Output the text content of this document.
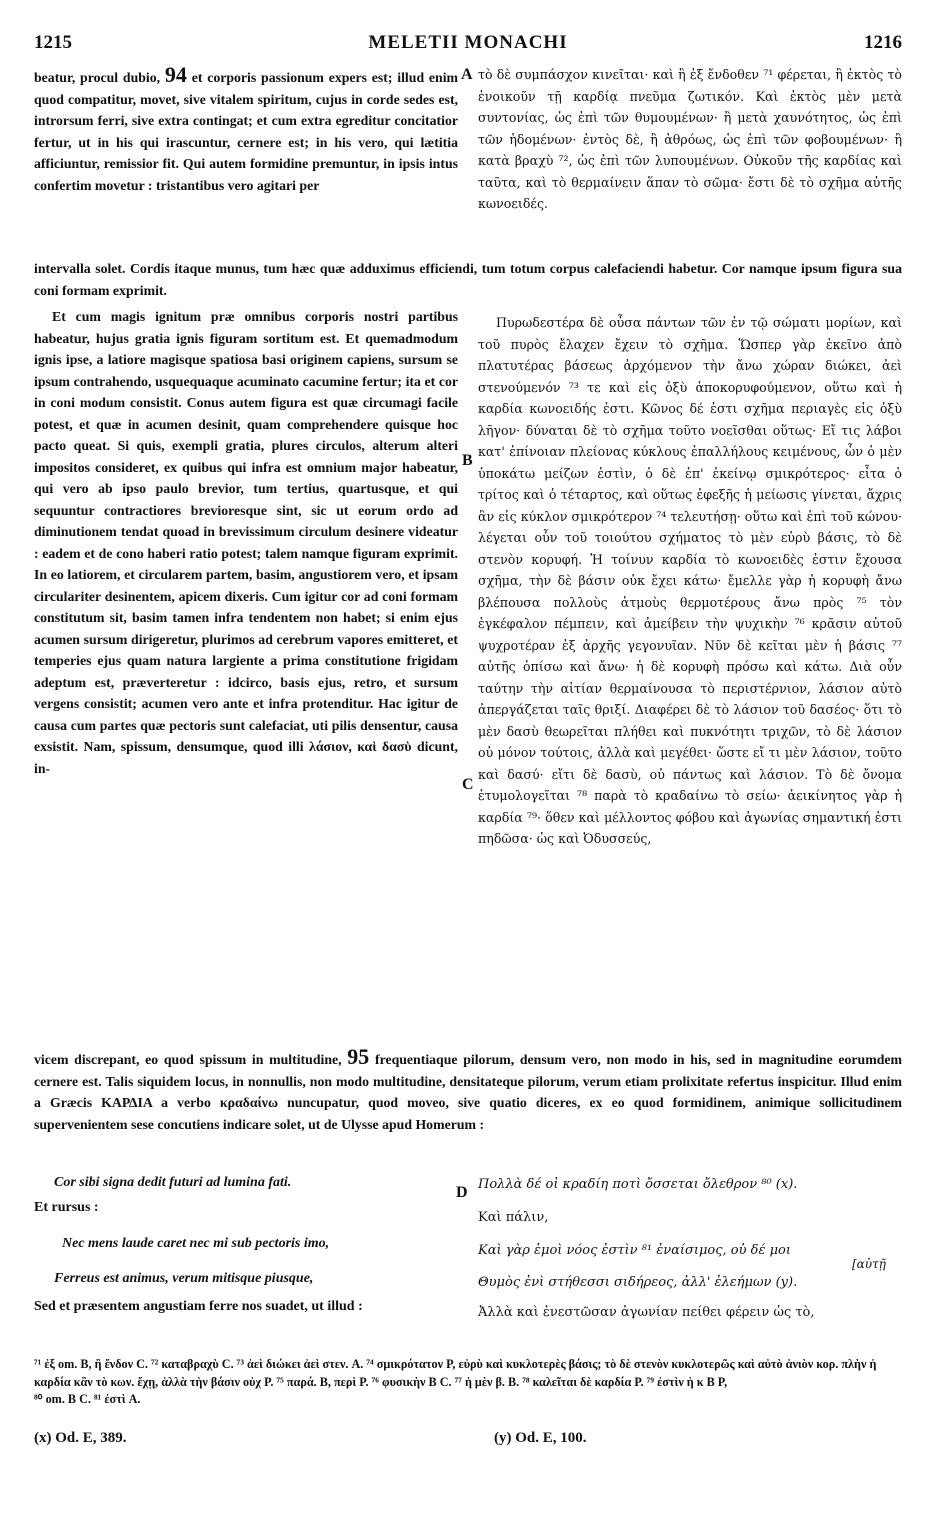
1215	MELETII MONACHI	1216

beatur, procul dubio, 94 et corporis passionum expers est; illud enim quod compatitur, movet, sive vitalem spiritum, cujus in corde sedes est, introrsum ferri, sive extra contingat; et cum extra egreditur concitatior fertur, ut in his qui irascuntur, cernere est; in his vero, qui lætitia afficiuntur, remissior fit. Qui autem formidine premuntur, in ipsis intus confertim movetur : tristantibus vero agitari per

A τὸ δὲ συμπάσχον κινεῖται· καὶ ἢ ἐξ ἔνδοθεν ⁷¹ φέρεται, ἢ ἐκτὸς τὸ ἐνοικοῦν τῇ καρδίᾳ πνεῦμα ζωτικόν. Καὶ ἐκτὸς μὲν μετὰ συντονίας, ὡς ἐπὶ τῶν θυμουμένων· ἢ μετὰ χαυνότητος, ὡς ἐπὶ τῶν ἡδομένων· ἐντὸς δὲ, ἢ ἀθρόως, ὡς ἐπὶ τῶν φοβουμένων· ἢ κατὰ βραχὺ ⁷², ὡς ἐπὶ τῶν λυπουμένων. Οὐκοῦν τῆς καρδίας καὶ ταῦτα, καὶ τὸ θερμαίνειν ἅπαν τὸ σῶμα· ἔστι δὲ τὸ σχῆμα αὐτῆς κωνοειδές.

intervalla solet. Cordis itaque munus, tum hæc quæ adduximus efficiendi, tum totum corpus calefaciendi habetur. Cor namque ipsum figura sua coni formam exprimit.

Et cum magis ignitum præ omnibus corporis nostri partibus habeatur, hujus gratia ignis figuram sortitum est. Et quemadmodum ignis ipse, a latiore magisque spatiosa basi originem capiens, sursum se ipsum contrahendo, usquequaque acuminato cacumine fertur; ita et cor in coni modum consistit. Conus autem figura est quæ circumagi facile potest, et quæ in acumen desinit, quam comprehendere quisque hoc pacto queat. Si quis, exempli gratia, plures circulos, alterum alteri impositos consideret, ex quibus qui infra est omnium major habeatur, qui vero ab ipso paulo brevior, tum tertius, quartusque, et qui sequuntur contractiores brevioresque sint, sic ut eorum ordo ad diminutionem tendat quoad in brevissimum circulum desinere videatur : eadem et de cono haberi ratio potest; talem namque figuram exprimit. In eo latiorem, et circularem partem, basim, angustiorem vero, et ipsam circulariter desinentem, apicem dixeris. Cum igitur cor ad coni formam constitutum sit, basim tamen infra tendentem non habet; si enim ejus acumen sursum dirigeretur, plurimos ad cerebrum vapores emitteret, et temperies ejus quam natura largiente a prima constitutione frigidam adeptum est, præverteretur : idcirco, basis ejus, retro, et sursum vergens consistit; acumen vero ante et infra protenditur. Hac igitur de causa cum partes quæ pectoris sunt calefaciat, uti pilis densentur, causa exsistit. Nam, spissum, densumque, quod illi λάσιον, καὶ δασὺ dicunt, in-

B
C

Πυρωδεστέρα δὲ οὖσα πάντων τῶν ἐν τῷ σώματι μορίων, καὶ τοῦ πυρὸς ἔλαχεν ἔχειν τὸ σχῆμα. Ὥσπερ γὰρ ἐκεῖνο ἀπὸ πλατυτέρας βάσεως ἀρχόμενον τὴν ἄνω χώραν διώκει, ἀεὶ στενούμενόν ⁷³ τε καὶ εἰς ὀξὺ ἀποκορυφούμενον, οὕτω καὶ ἡ καρδία κωνοειδής ἐστι. Κῶνος δέ ἐστι σχῆμα περιαγὲς εἰς ὀξὺ λῆγον· δύναται δὲ τὸ σχῆμα τοῦτο νοεῖσθαι οὕτως· Εἴ τις λάβοι κατ' ἐπίνοιαν πλείονας κύκλους ἐπαλλήλους κειμένους, ὧν ὁ μὲν ὑποκάτω μείζων ἐστὶν, ὁ δὲ ἐπ' ἐκείνῳ σμικρότερος· εἶτα ὁ τρίτος καὶ ὁ τέταρτος, καὶ οὕτως ἐφεξῆς ἡ μείωσις γίνεται, ἄχρις ἂν εἰς κύκλον σμικρότερον ⁷⁴ τελευτήσῃ· οὕτω καὶ ἐπὶ τοῦ κώνου· λέγεται οὖν τοῦ τοιούτου σχήματος τὸ μὲν εὐρὺ βάσις, τὸ δὲ στενὸν κορυφή. Ἡ τοίνυν καρδία τὸ κωνοειδὲς ἐστιν ἔχουσα σχῆμα, τὴν δὲ βάσιν οὐκ ἔχει κάτω· ἔμελλε γὰρ ἡ κορυφὴ ἄνω βλέπουσα πολλοὺς ἀτμοὺς θερμοτέρους ἄνω πρὸς ⁷⁵ τὸν ἐγκέφαλον πέμπειν, καὶ ἀμείβειν τὴν ψυχικὴν ⁷⁶ κρᾶσιν αὐτοῦ ψυχροτέραν ἐξ ἀρχῆς γεγονυῖαν. Νῦν δὲ κεῖται μὲν ἡ βάσις ⁷⁷ αὐτῆς ὀπίσω καὶ ἄνω· ἡ δὲ κορυφὴ πρόσω καὶ κάτω. Διὰ οὖν ταύτην τὴν αἰτίαν θερμαίνουσα τὸ περιστέρνιον, λάσιον αὐτὸ ἀπεργάζεται ταῖς θριξί. Διαφέρει δὲ τὸ λάσιον τοῦ δασέος· ὅτι τὸ μὲν δασὺ θεωρεῖται πλήθει καὶ πυκνότητι τριχῶν, τὸ δὲ λάσιον οὐ μόνον τούτοις, ἀλλὰ καὶ μεγέθει· ὥστε εἴ τι μὲν λάσιον, τοῦτο καὶ δασύ· εἴτι δὲ δασὺ, οὐ πάντως καὶ λάσιον. Τὸ δὲ ὄνομα ἐτυμολογεῖται ⁷⁸ παρὰ τὸ κραδαίνω τὸ σείω· ἀεικίνητος γὰρ ἡ καρδία ⁷⁹· ὅθεν καὶ μέλλοντος φόβου καὶ ἀγωνίας σημαντική ἐστι πηδῶσα· ὡς καὶ Ὀδυσσεύς,

vicem discrepant, eo quod spissum in multitudine, 95 frequentiaque pilorum, densum vero, non modo in his, sed in magnitudine eorumdem cernere est. Talis siquidem locus, in nonnullis, non modo multitudine, densitateque pilorum, verum etiam prolixitate refertus inspicitur. Illud enim a Græcis ΚΑΡΔΙΑ a verbo κραδαίνω nuncupatur, quod moveo, sive quatio diceres, ex eo quod formidinem, animique sollicitudinem supervenientem sese concutiens indicare solet, ut de Ulysse apud Homerum :
Cor sibi signa dedit futuri ad lumina fati.
Et rursus :
Nec mens laude caret nec mi sub pectoris imo,
Ferreus est animus, verum mitisque piusque,
Sed et præsentem angustiam ferre nos suadet, ut illud :
D Πολλὰ δέ οἱ κραδίη ποτὶ ὄσσεται ὄλεθρον ⁸⁰ (x).
Καὶ πάλιν,
Καὶ γὰρ ἐμοὶ νόος ἐστὶν ⁸¹ ἐναίσιμος, οὐ δέ μοι
[αὐτῇ
Θυμὸς ἐνὶ στήθεσσι σιδήρεος, ἀλλ' ἐλεήμων (y).
Ἀλλὰ καὶ ἐνεστῶσαν ἀγωνίαν πείθει φέρειν ὡς τὸ,

⁷¹ ἐξ om. B, ἢ ἔνδον C. ⁷² καταβραχὺ C. ⁷³ ἀεὶ διώκει ἀεὶ στεν. A. ⁷⁴ σμικρότατον P, εὐρὺ καὶ κυκλοτερὲς βάσις; τὸ δὲ στενὸν κυκλοτερῶς καὶ αὐτὸ ἀνιὸν κορ. πλὴν ἡ καρδία κἂν τὸ κων. ἔχῃ, ἀλλὰ τὴν βάσιν οὐχ P. ⁷⁵ παρά. B, περὶ P. ⁷⁶ φυσικὴν B C. ⁷⁷ ἡ μὲν β. B. ⁷⁸ καλεῖται δὲ καρδία P. ⁷⁹ ἐστὶν ἡ κ B P,

⁸⁰ om. B C. ⁸¹ ἐστὶ A.

(x) Od. E, 389.	(y) Od. E, 100.
